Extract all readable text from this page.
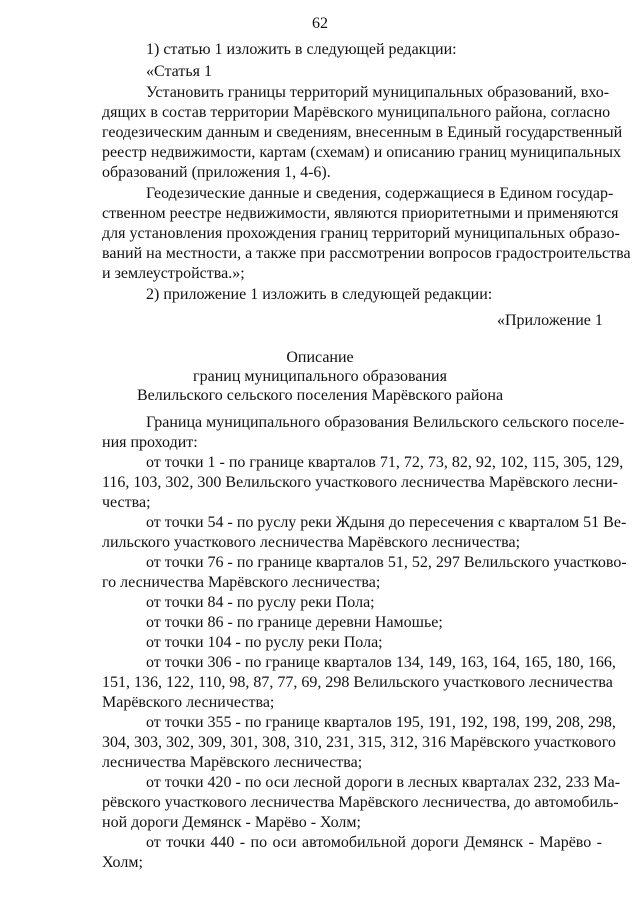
62
1) статью 1 изложить в следующей редакции:
«Статья 1
Установить границы территорий муниципальных образований, вхо-
дящих в состав территории Марёвского муниципального района, согласно
геодезическим данным и сведениям, внесенным в Единый государственный
реестр недвижимости, картам (схемам) и описанию границ муниципальных
образований (приложения 1, 4-6).
Геодезические данные и сведения, содержащиеся в Едином государ-
ственном реестре недвижимости, являются приоритетными и применяются
для установления прохождения границ территорий муниципальных образо-
ваний на местности, а также при рассмотрении вопросов градостроительства
и землеустройства.»;
2) приложение 1 изложить в следующей редакции:
«Приложение 1
Описание
границ муниципального образования
Велильского сельского поселения Марёвского района
Граница муниципального образования Велильского сельского поселе-
ния проходит:
от точки 1 - по границе кварталов 71, 72, 73, 82, 92, 102, 115, 305, 129,
116, 103, 302, 300 Велильского участкового лесничества Марёвского лесни-
чества;
от точки 54 - по руслу реки Ждыня до пересечения с кварталом 51 Ве-
лильского участкового лесничества Марёвского лесничества;
от точки 76 - по границе кварталов 51, 52, 297 Велильского участково-
го лесничества Марёвского лесничества;
от точки 84 - по руслу реки Пола;
от точки 86 - по границе деревни Намошье;
от точки 104 - по руслу реки Пола;
от точки 306 - по границе кварталов 134, 149, 163, 164, 165, 180, 166,
151, 136, 122, 110, 98, 87, 77, 69, 298 Велильского участкового лесничества
Марёвского лесничества;
от точки 355 - по границе кварталов 195, 191, 192, 198, 199, 208, 298,
304, 303, 302, 309, 301, 308, 310, 231, 315, 312, 316 Марёвского участкового
лесничества Марёвского лесничества;
от точки 420 - по оси лесной дороги в лесных кварталах 232, 233 Ма-
рёвского участкового лесничества Марёвского лесничества, до автомобиль-
ной дороги Демянск - Марёво - Холм;
от точки 440 - по оси автомобильной дороги Демянск - Марёво -
Холм;
